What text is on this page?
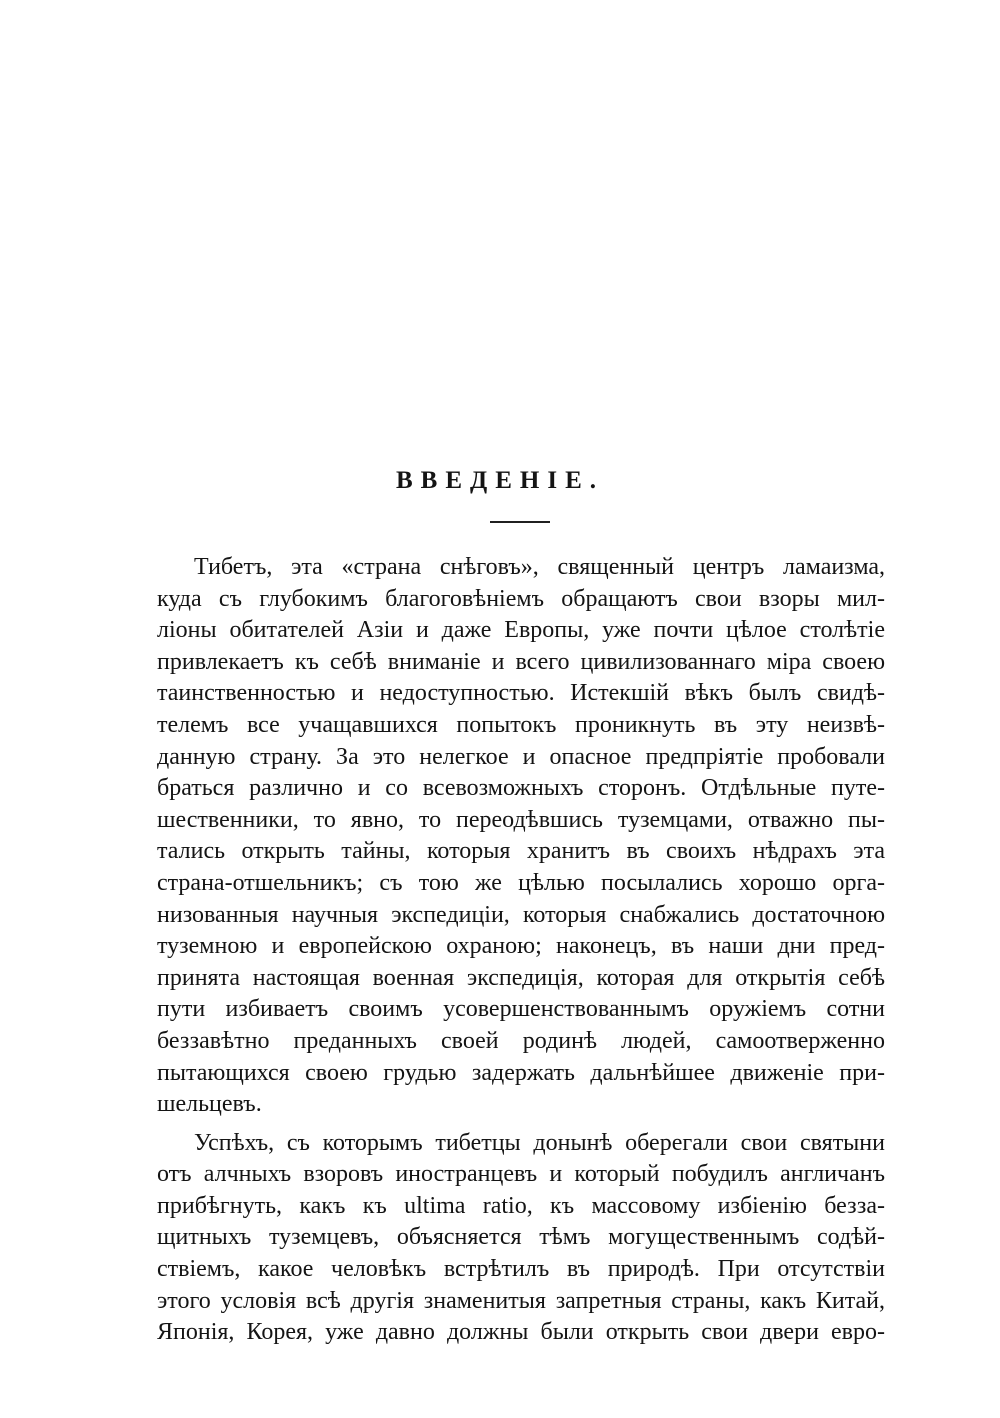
ВВЕДЕНІЕ.
Тибетъ, эта «страна снѣговъ», священный центръ ламаизма,
куда съ глубокимъ благоговѣніемъ обращаютъ свои взоры мил-
ліоны обитателей Азіи и даже Европы, уже почти цѣлое столѣтіе
привлекаетъ къ себѣ вниманіе и всего цивилизованнаго міра своею
таинственностью и недоступностью. Истекшій вѣкъ былъ свидѣ-
телемъ все учащавшихся попытокъ проникнуть въ эту неизвѣ-
данную страну. За это нелегкое и опасное предпріятіе пробовали
браться различно и со всевозможныхъ сторонъ. Отдѣльные путе-
шественники, то явно, то переодѣвшись туземцами, отважно пы-
тались открыть тайны, которыя хранитъ въ своихъ нѣдрахъ эта
страна-отшельникъ; съ тою же цѣлью посылались хорошо орга-
низованныя научныя экспедиціи, которыя снабжались достаточною
туземною и европейскою охраною; наконецъ, въ наши дни пред-
принята настоящая военная экспедиція, которая для открытія себѣ
пути избиваетъ своимъ усовершенствованнымъ оружіемъ сотни
беззавѣтно преданныхъ своей родинѣ людей, самоотверженно
пытающихся своею грудью задержать дальнѣйшее движеніе при-
шельцевъ.
Успѣхъ, съ которымъ тибетцы донынѣ оберегали свои святыни
отъ алчныхъ взоровъ иностранцевъ и который побудилъ англичанъ
прибѣгнуть, какъ къ ultima ratio, къ массовому избіенію безза-
щитныхъ туземцевъ, объясняется тѣмъ могущественнымъ содѣй-
ствіемъ, какое человѣкъ встрѣтилъ въ природѣ. При отсутствіи
этого условія всѣ другія знаменитыя запретныя страны, какъ Китай,
Японія, Корея, уже давно должны были открыть свои двери евро-
